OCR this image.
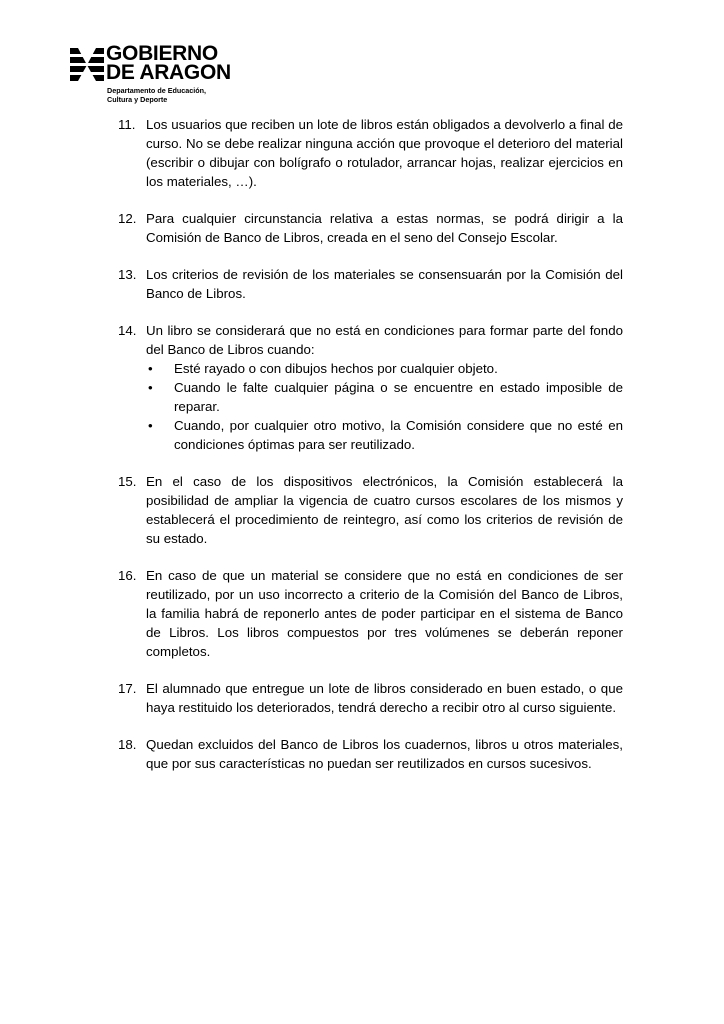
GOBIERNO
DE ARAGON
Departamento de Educación,
Cultura y Deporte
11. Los usuarios que reciben un lote de libros están obligados a devolverlo a final de curso. No se debe realizar ninguna acción que provoque el deterioro del material (escribir o dibujar con bolígrafo o rotulador, arrancar hojas, realizar ejercicios en los materiales, …).
12. Para cualquier circunstancia relativa a estas normas, se podrá dirigir a la Comisión de Banco de Libros, creada en el seno del Consejo Escolar.
13. Los criterios de revisión de los materiales se consensuarán por la Comisión del Banco de Libros.
14. Un libro se considerará que no está en condiciones para formar parte del fondo del Banco de Libros cuando:
• Esté rayado o con dibujos hechos por cualquier objeto.
• Cuando le falte cualquier página o se encuentre en estado imposible de reparar.
• Cuando, por cualquier otro motivo, la Comisión considere que no esté en condiciones óptimas para ser reutilizado.
15. En el caso de los dispositivos electrónicos, la Comisión establecerá la posibilidad de ampliar la vigencia de cuatro cursos escolares de los mismos y establecerá el procedimiento de reintegro, así como los criterios de revisión de su estado.
16. En caso de que un material se considere que no está en condiciones de ser reutilizado, por un uso incorrecto a criterio de la Comisión del Banco de Libros, la familia habrá de reponerlo antes de poder participar en el sistema de Banco de Libros. Los libros compuestos por tres volúmenes se deberán reponer completos.
17. El alumnado que entregue un lote de libros considerado en buen estado, o que haya restituido los deteriorados, tendrá derecho a recibir otro al curso siguiente.
18. Quedan excluidos del Banco de Libros los cuadernos, libros u otros materiales, que por sus características no puedan ser reutilizados en cursos sucesivos.
